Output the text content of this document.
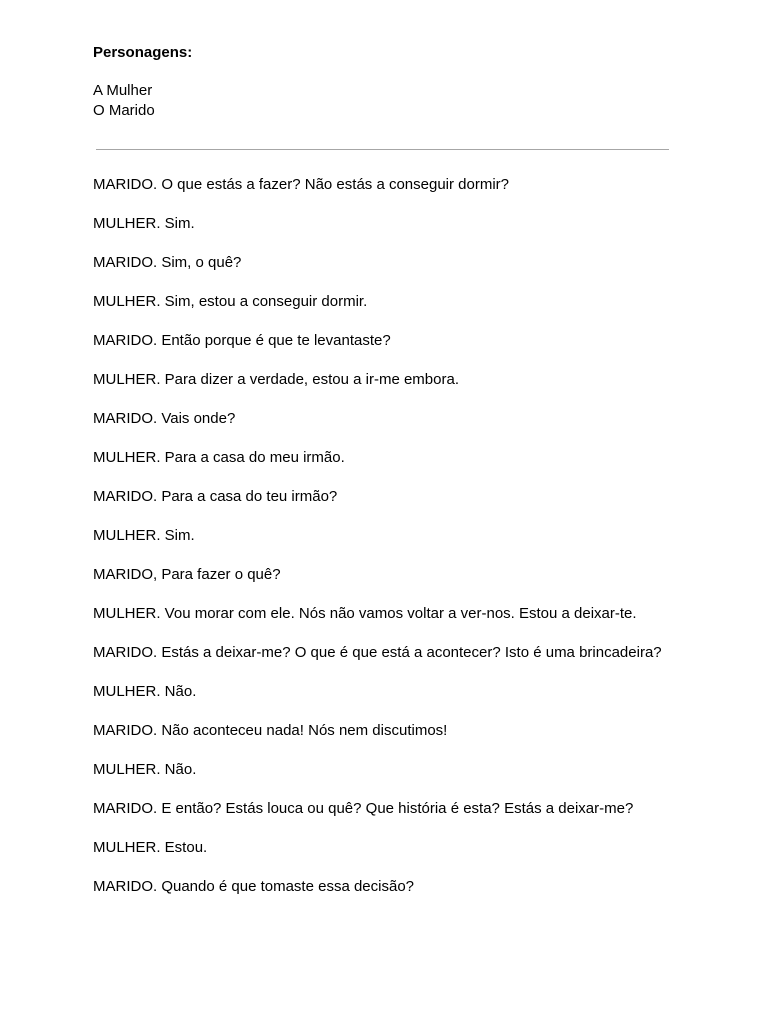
Personagens:

A Mulher
O Marido

MARIDO. O que estás a fazer? Não estás a conseguir dormir?

MULHER. Sim.

MARIDO. Sim, o quê?

MULHER. Sim, estou a conseguir dormir.

MARIDO. Então porque é que te levantaste?

MULHER. Para dizer a verdade, estou a ir-me embora.

MARIDO. Vais onde?

MULHER. Para a casa do meu irmão.

MARIDO. Para a casa do teu irmão?

MULHER. Sim.

MARIDO, Para fazer o quê?

MULHER. Vou morar com ele. Nós não vamos voltar a ver-nos. Estou a deixar-te.

MARIDO. Estás a deixar-me? O que é que está a acontecer? Isto é uma brincadeira?

MULHER. Não.

MARIDO. Não aconteceu nada! Nós nem discutimos!

MULHER. Não.

MARIDO. E então? Estás louca ou quê? Que história é esta? Estás a deixar-me?

MULHER. Estou.

MARIDO. Quando é que tomaste essa decisão?
